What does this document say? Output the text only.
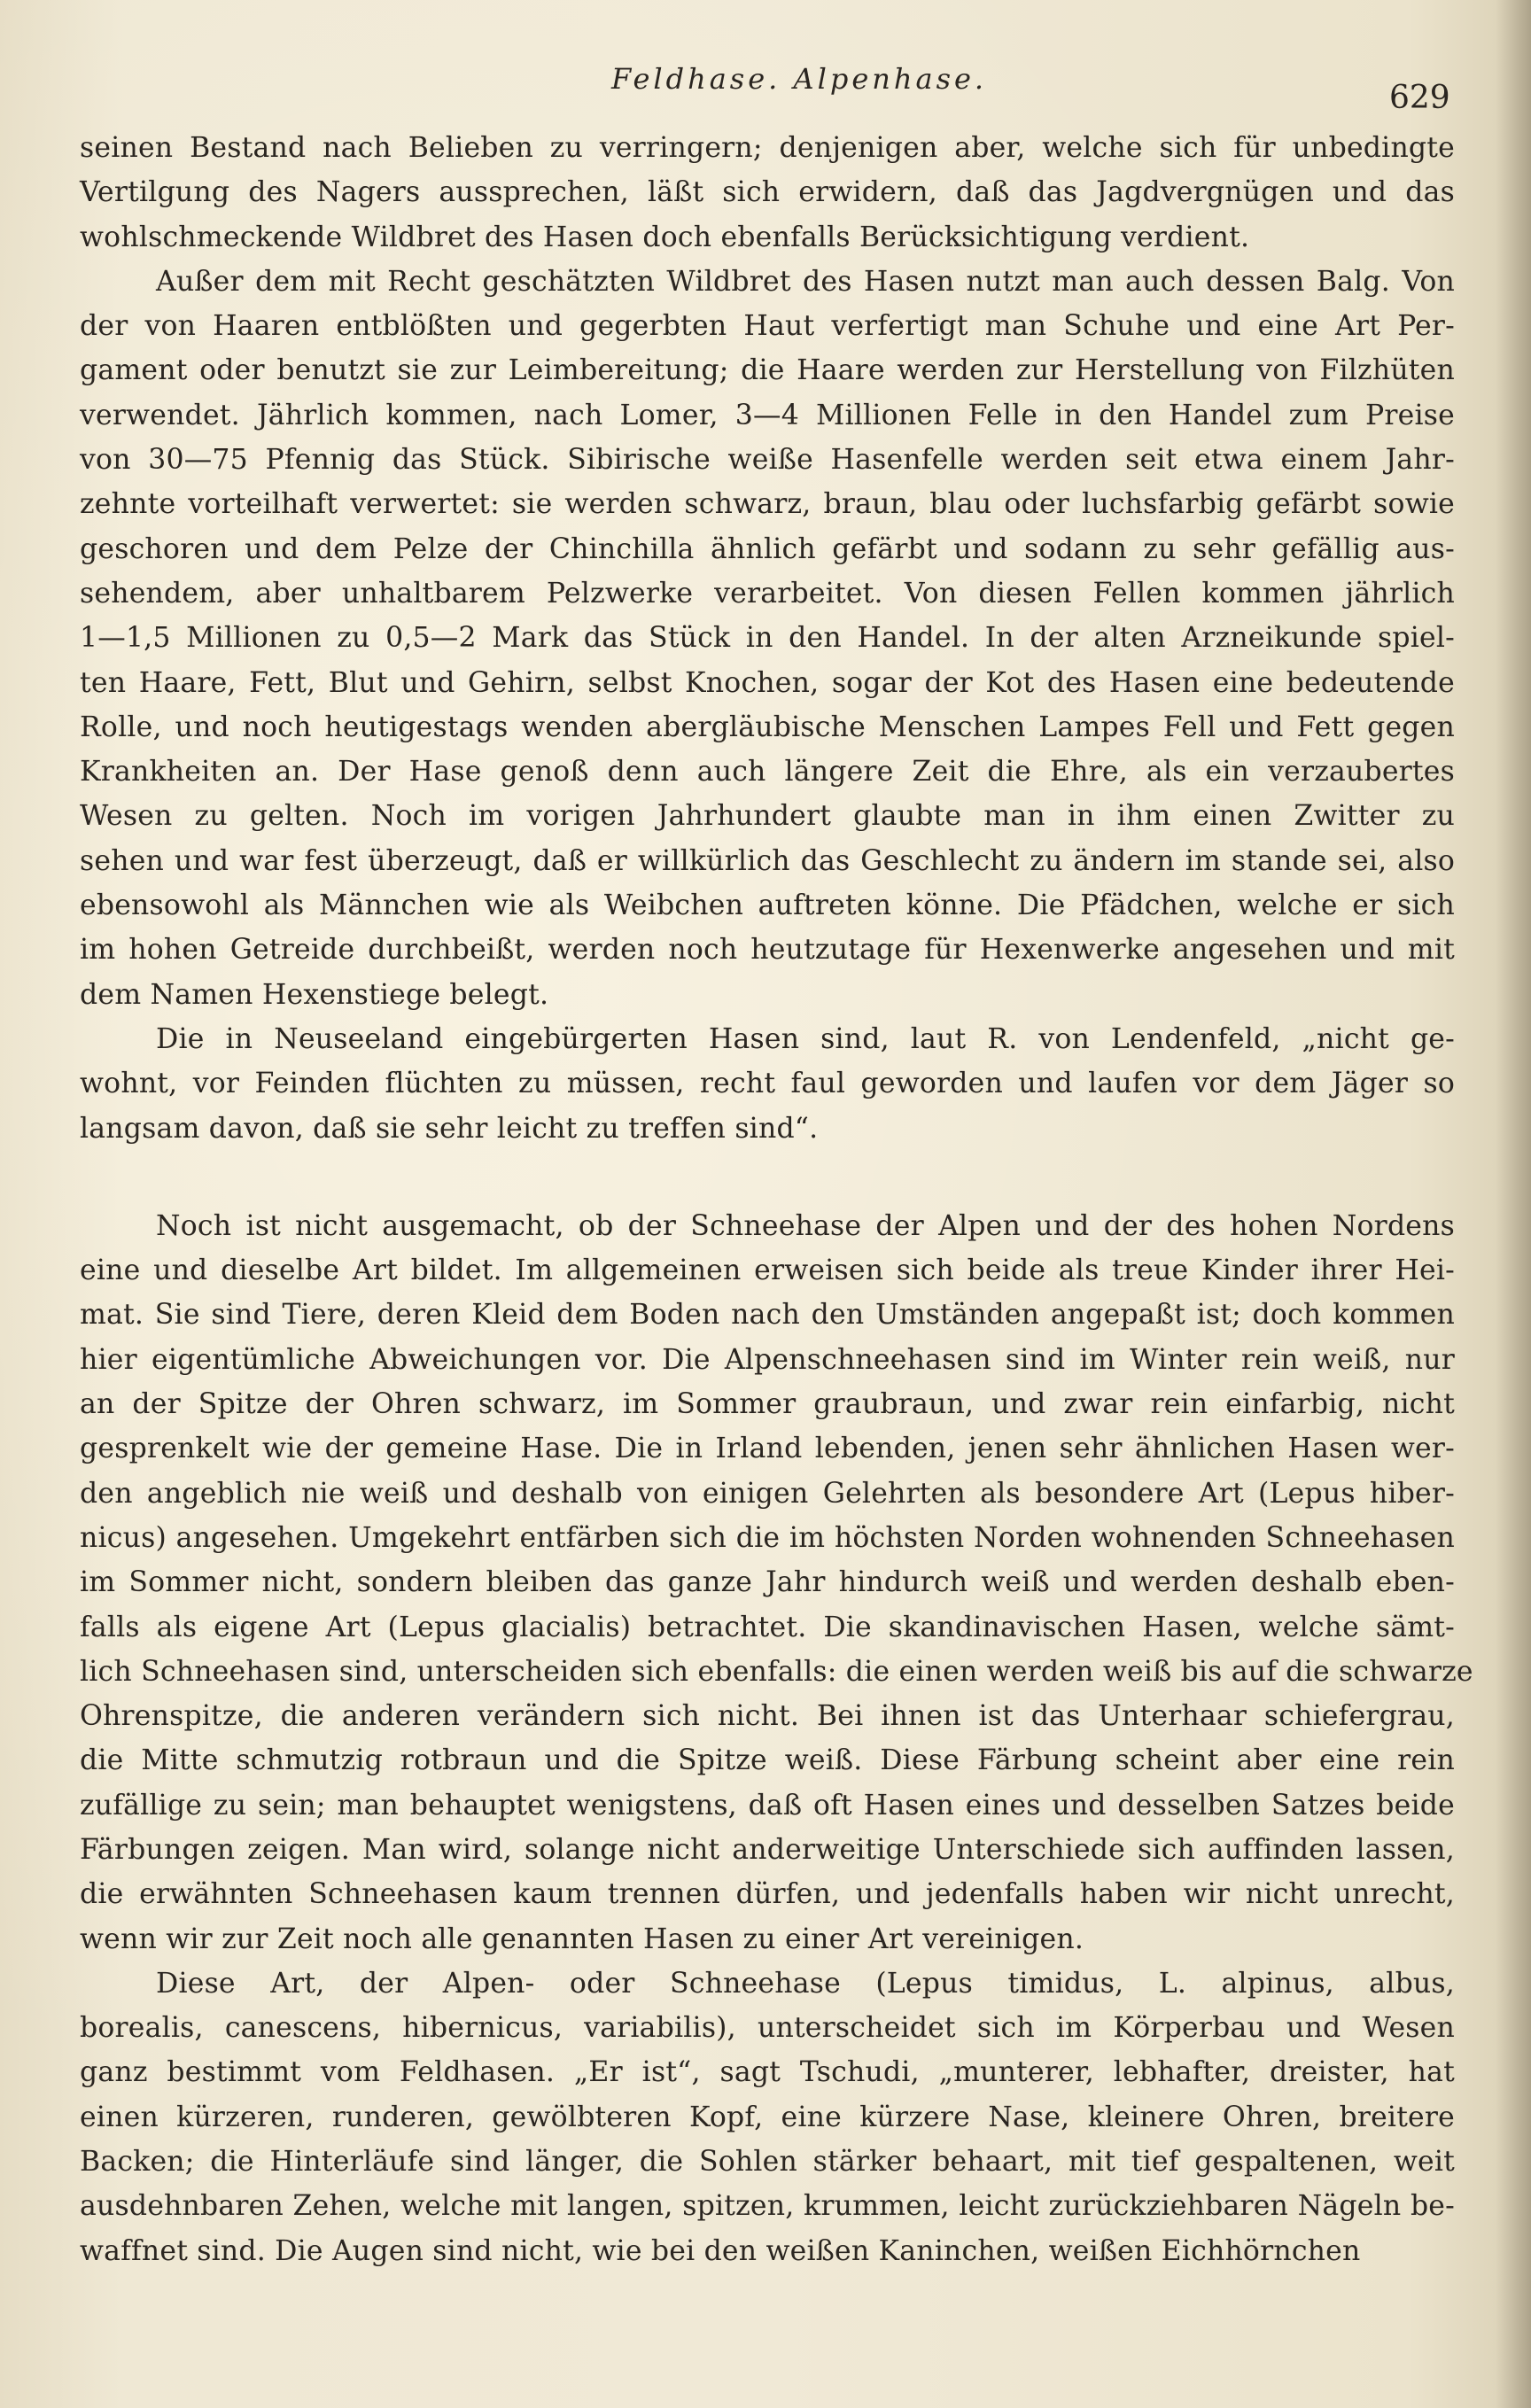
Feldhase. Alpenhase.
629
seinen Bestand nach Belieben zu verringern; denjenigen aber, welche sich für unbedingte
Vertilgung des Nagers aussprechen, läßt sich erwidern, daß das Jagdvergnügen und das
wohlschmeckende Wildbret des Hasen doch ebenfalls Berücksichtigung verdient.
Außer dem mit Recht geschätzten Wildbret des Hasen nutzt man auch dessen Balg. Von
der von Haaren entblößten und gegerbten Haut verfertigt man Schuhe und eine Art Per-
gament oder benutzt sie zur Leimbereitung; die Haare werden zur Herstellung von Filzhüten
verwendet. Jährlich kommen, nach Lomer, 3—4 Millionen Felle in den Handel zum Preise
von 30—75 Pfennig das Stück. Sibirische weiße Hasenfelle werden seit etwa einem Jahr-
zehnte vorteilhaft verwertet: sie werden schwarz, braun, blau oder luchsfarbig gefärbt sowie
geschoren und dem Pelze der Chinchilla ähnlich gefärbt und sodann zu sehr gefällig aus-
sehendem, aber unhaltbarem Pelzwerke verarbeitet. Von diesen Fellen kommen jährlich
1—1,5 Millionen zu 0,5—2 Mark das Stück in den Handel. In der alten Arzneikunde spiel-
ten Haare, Fett, Blut und Gehirn, selbst Knochen, sogar der Kot des Hasen eine bedeutende
Rolle, und noch heutigestags wenden abergläubische Menschen Lampes Fell und Fett gegen
Krankheiten an. Der Hase genoß denn auch längere Zeit die Ehre, als ein verzaubertes
Wesen zu gelten. Noch im vorigen Jahrhundert glaubte man in ihm einen Zwitter zu
sehen und war fest überzeugt, daß er willkürlich das Geschlecht zu ändern im stande sei, also
ebensowohl als Männchen wie als Weibchen auftreten könne. Die Pfädchen, welche er sich
im hohen Getreide durchbeißt, werden noch heutzutage für Hexenwerke angesehen und mit
dem Namen Hexenstiege belegt.
Die in Neuseeland eingebürgerten Hasen sind, laut R. von Lendenfeld, „nicht ge-
wohnt, vor Feinden flüchten zu müssen, recht faul geworden und laufen vor dem Jäger so
langsam davon, daß sie sehr leicht zu treffen sind“.
Noch ist nicht ausgemacht, ob der Schneehase der Alpen und der des hohen Nordens
eine und dieselbe Art bildet. Im allgemeinen erweisen sich beide als treue Kinder ihrer Hei-
mat. Sie sind Tiere, deren Kleid dem Boden nach den Umständen angepaßt ist; doch kommen
hier eigentümliche Abweichungen vor. Die Alpenschneehasen sind im Winter rein weiß, nur
an der Spitze der Ohren schwarz, im Sommer graubraun, und zwar rein einfarbig, nicht
gesprenkelt wie der gemeine Hase. Die in Irland lebenden, jenen sehr ähnlichen Hasen wer-
den angeblich nie weiß und deshalb von einigen Gelehrten als besondere Art (Lepus hiber-
nicus) angesehen. Umgekehrt entfärben sich die im höchsten Norden wohnenden Schneehasen
im Sommer nicht, sondern bleiben das ganze Jahr hindurch weiß und werden deshalb eben-
falls als eigene Art (Lepus glacialis) betrachtet. Die skandinavischen Hasen, welche sämt-
lich Schneehasen sind, unterscheiden sich ebenfalls: die einen werden weiß bis auf die schwarze
Ohrenspitze, die anderen verändern sich nicht. Bei ihnen ist das Unterhaar schiefergrau,
die Mitte schmutzig rotbraun und die Spitze weiß. Diese Färbung scheint aber eine rein
zufällige zu sein; man behauptet wenigstens, daß oft Hasen eines und desselben Satzes beide
Färbungen zeigen. Man wird, solange nicht anderweitige Unterschiede sich auffinden lassen,
die erwähnten Schneehasen kaum trennen dürfen, und jedenfalls haben wir nicht unrecht,
wenn wir zur Zeit noch alle genannten Hasen zu einer Art vereinigen.
Diese Art, der Alpen- oder Schneehase (Lepus timidus, L. alpinus, albus,
borealis, canescens, hibernicus, variabilis), unterscheidet sich im Körperbau und Wesen
ganz bestimmt vom Feldhasen. „Er ist“, sagt Tschudi, „munterer, lebhafter, dreister, hat
einen kürzeren, runderen, gewölbteren Kopf, eine kürzere Nase, kleinere Ohren, breitere
Backen; die Hinterläufe sind länger, die Sohlen stärker behaart, mit tief gespaltenen, weit
ausdehnbaren Zehen, welche mit langen, spitzen, krummen, leicht zurückziehbaren Nägeln be-
waffnet sind. Die Augen sind nicht, wie bei den weißen Kaninchen, weißen Eichhörnchen
